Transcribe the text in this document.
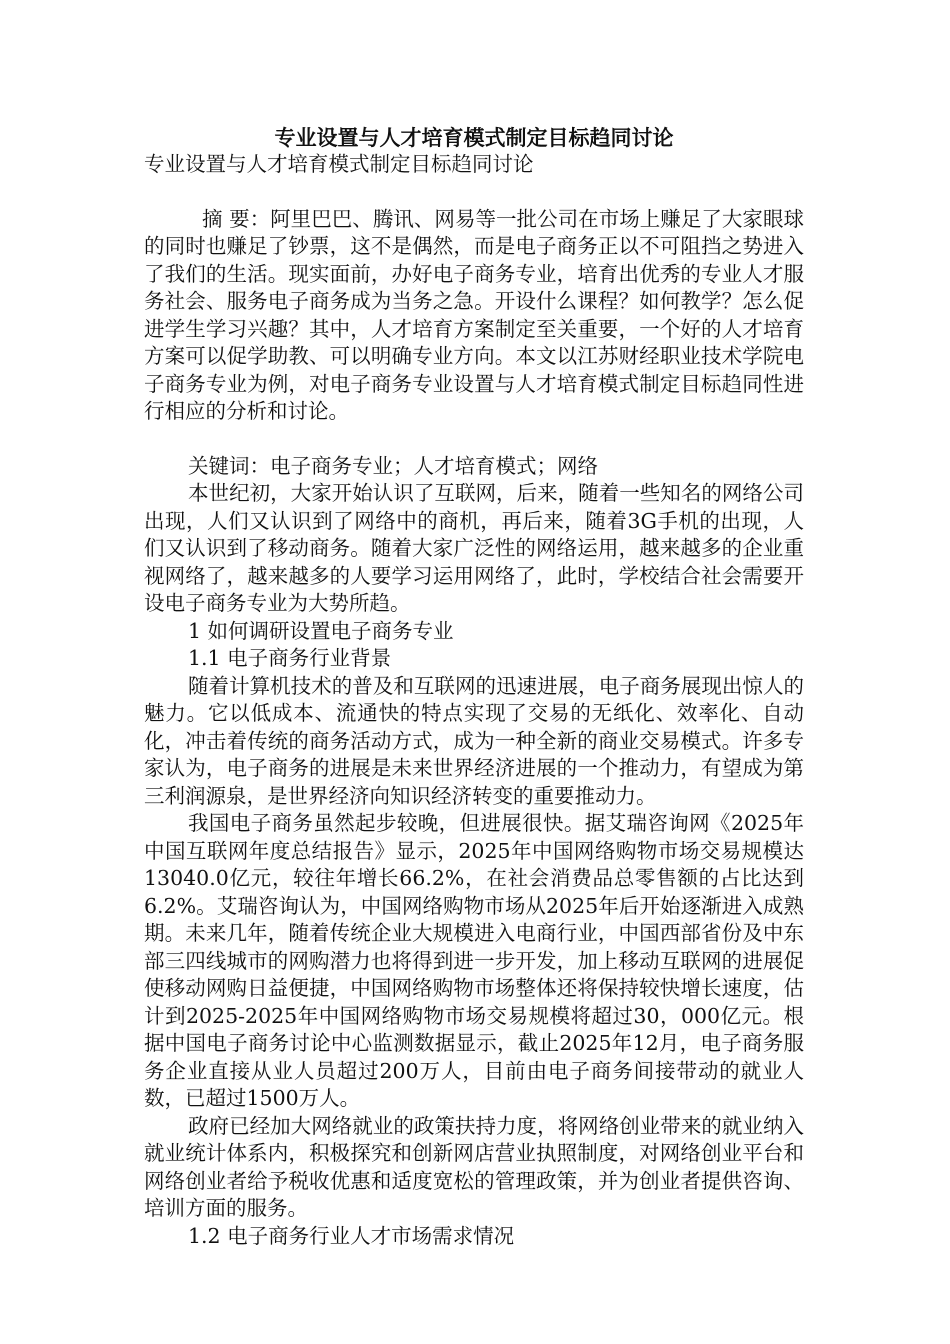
专业设置与人才培育模式制定目标趋同讨论

专业设置与人才培育模式制定目标趋同讨论

摘 要：阿里巴巴、腾讯、网易等一批公司在市场上赚足了大家眼球的同时也赚足了钞票，这不是偶然，而是电子商务正以不可阻挡之势进入了我们的生活。现实面前，办好电子商务专业，培育出优秀的专业人才服务社会、服务电子商务成为当务之急。开设什么课程？如何教学？怎么促进学生学习兴趣？其中，人才培育方案制定至关重要，一个好的人才培育方案可以促学助教、可以明确专业方向。本文以江苏财经职业技术学院电子商务专业为例，对电子商务专业设置与人才培育模式制定目标趋同性进行相应的分析和讨论。

关键词：电子商务专业；人才培育模式；网络

本世纪初，大家开始认识了互联网，后来，随着一些知名的网络公司出现，人们又认识到了网络中的商机，再后来，随着3G手机的出现，人们又认识到了移动商务。随着大家广泛性的网络运用，越来越多的企业重视网络了，越来越多的人要学习运用网络了，此时，学校结合社会需要开设电子商务专业为大势所趋。

1 如何调研设置电子商务专业

1.1 电子商务行业背景

随着计算机技术的普及和互联网的迅速进展，电子商务展现出惊人的魅力。它以低成本、流通快的特点实现了交易的无纸化、效率化、自动化，冲击着传统的商务活动方式，成为一种全新的商业交易模式。许多专家认为，电子商务的进展是未来世界经济进展的一个推动力，有望成为第三利润源泉，是世界经济向知识经济转变的重要推动力。

我国电子商务虽然起步较晚，但进展很快。据艾瑞咨询网《2025年中国互联网年度总结报告》显示，2025年中国网络购物市场交易规模达13040.0亿元，较往年增长66.2%，在社会消费品总零售额的占比达到6.2%。艾瑞咨询认为，中国网络购物市场从2025年后开始逐渐进入成熟期。未来几年，随着传统企业大规模进入电商行业，中国西部省份及中东部三四线城市的网购潜力也将得到进一步开发，加上移动互联网的进展促使移动网购日益便捷，中国网络购物市场整体还将保持较快增长速度，估计到2025-2025年中国网络购物市场交易规模将超过30，000亿元。根据中国电子商务讨论中心监测数据显示，截止2025年12月，电子商务服务企业直接从业人员超过200万人，目前由电子商务间接带动的就业人数，已超过1500万人。

政府已经加大网络就业的政策扶持力度，将网络创业带来的就业纳入就业统计体系内，积极探究和创新网店营业执照制度，对网络创业平台和网络创业者给予税收优惠和适度宽松的管理政策，并为创业者提供咨询、培训方面的服务。

1.2 电子商务行业人才市场需求情况
